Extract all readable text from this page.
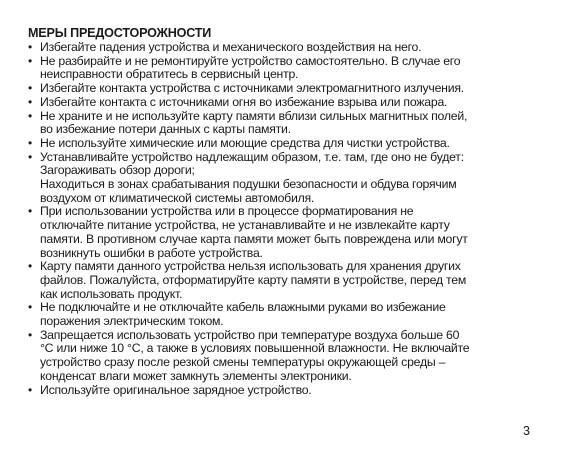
МЕРЫ ПРЕДОСТОРОЖНОСТИ
• Избегайте падения устройства и механического воздействия на него.
• Не разбирайте и не ремонтируйте устройство самостоятельно. В случае его
неисправности обратитесь в сервисный центр.
• Избегайте контакта устройства с источниками электромагнитного излучения.
• Избегайте контакта с источниками огня во избежание взрыва или пожара.
• Не храните и не используйте карту памяти вблизи сильных магнитных полей,
во избежание потери данных с карты памяти.
• Не используйте химические или моющие средства для чистки устройства.
• Устанавливайте устройство надлежащим образом, т.е. там, где оно не будет:
Загораживать обзор дороги;
Находиться в зонах срабатывания подушки безопасности и обдува горячим
воздухом от климатической системы автомобиля.
• При использовании устройства или в процессе форматирования не
отключайте питание устройства, не устанавливайте и не извлекайте карту
памяти. В противном случае карта памяти может быть повреждена или могут
возникнуть ошибки в работе устройства.
• Карту памяти данного устройства нельзя использовать для хранения других
файлов. Пожалуйста, отформатируйте карту памяти в устройстве, перед тем
как использовать продукт.
• Не подключайте и не отключайте кабель влажными руками во избежание
поражения электрическим током.
• Запрещается использовать устройство при температуре воздуха больше 60
°С или ниже 10 °С, а также в условиях повышенной влажности. Не включайте
устройство сразу после резкой смены температуры окружающей среды –
конденсат влаги может замкнуть элементы электроники.
• Используйте оригинальное зарядное устройство.
3
